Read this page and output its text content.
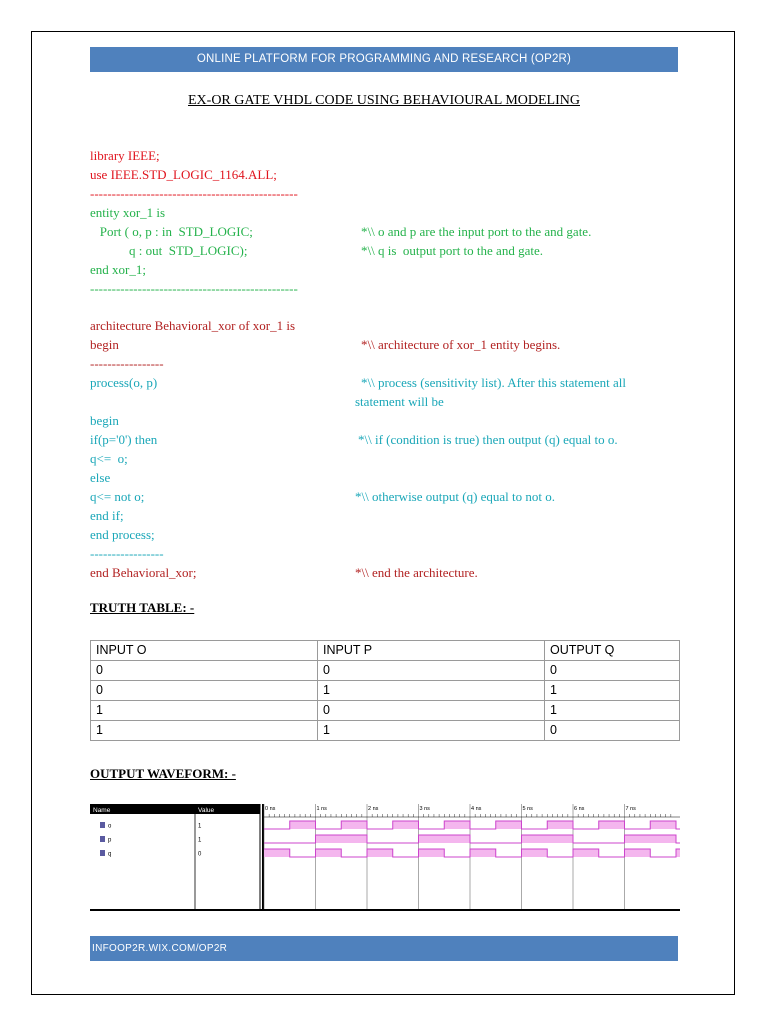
ONLINE PLATFORM FOR PROGRAMMING AND RESEARCH (OP2R)
EX-OR GATE VHDL CODE USING BEHAVIOURAL MODELING
library IEEE;
use IEEE.STD_LOGIC_1164.ALL;
------------------------------------------------
entity xor_1 is
Port ( o, p : in  STD_LOGIC;	*\\ o and p are the input port to the and gate.
q : out  STD_LOGIC);	*\\ q is  output port to the and gate.
end xor_1;
------------------------------------------------
architecture Behavioral_xor of xor_1 is
begin	*\\ architecture of xor_1 entity begins.
-----------------
process(o, p)	*\\ process (sensitivity list). After this statement all
statement will be
begin
if(p='0') then	*\\ if (condition is true) then output (q) equal to o.
q<=  o;
else
q<= not o;	*\\ otherwise output (q) equal to not o.
end if;
end process;
-----------------
end Behavioral_xor;	*\\ end the architecture.
TRUTH TABLE: -
INPUT O	INPUT P	OUTPUT Q
0	0	0
0	1	1
1	0	1
1	1	0
OUTPUT WAVEFORM: -
Name	Value	0 ns	1 ns	2 ns	3 ns	4 ns	5 ns	6 ns	7 ns
o	1
p	1
q	0
INFOOP2R.WIX.COM/OP2R
